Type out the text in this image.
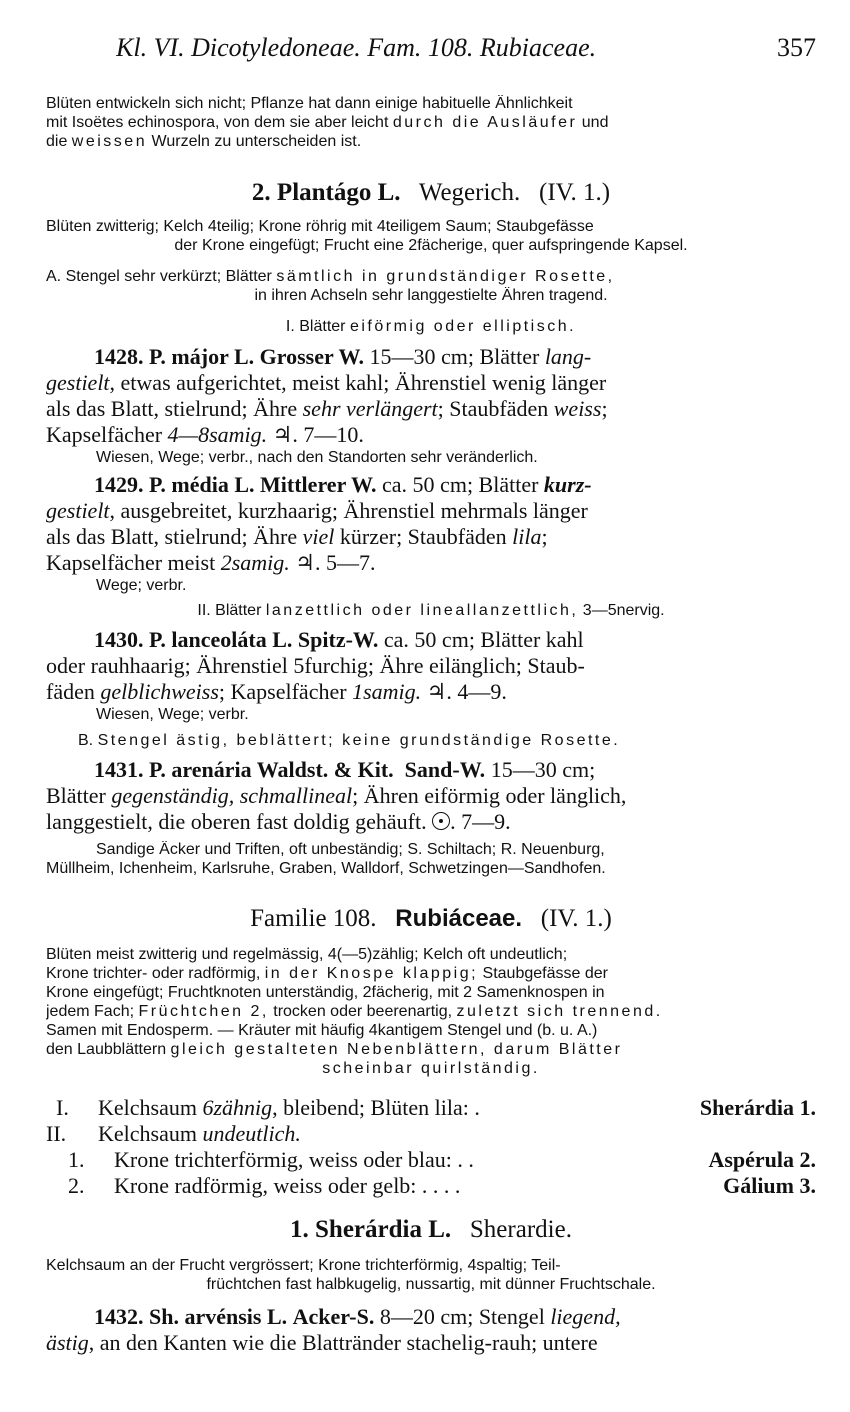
Kl. VI. Dicotyledoneae. Fam. 108. Rubiaceae.	357
Blüten entwickeln sich nicht; Pflanze hat dann einige habituelle Ähnlichkeit
mit Isoëtes echinospora, von dem sie aber leicht durch die Ausläufer und
die weissen Wurzeln zu unterscheiden ist.
2. Plantágo L. Wegerich. (IV. 1.)
Blüten zwitterig; Kelch 4teilig; Krone röhrig mit 4teiligem Saum; Staubgefässe
der Krone eingefügt; Frucht eine 2fächerige, quer aufspringende Kapsel.
A. Stengel sehr verkürzt; Blätter sämtlich in grundständiger Rosette,
in ihren Achseln sehr langgestielte Ähren tragend.
I. Blätter eiförmig oder elliptisch.
1428. P. májor L. Grosser W. 15—30 cm; Blätter lang-
gestielt, etwas aufgerichtet, meist kahl; Ährenstiel wenig länger
als das Blatt, stielrund; Ähre sehr verlängert; Staubfäden weiss;
Kapselfächer 4—8samig. ♃. 7—10.
Wiesen, Wege; verbr., nach den Standorten sehr veränderlich.
1429. P. média L. Mittlerer W. ca. 50 cm; Blätter kurz-
gestielt, ausgebreitet, kurzhaarig; Ährenstiel mehrmals länger
als das Blatt, stielrund; Ähre viel kürzer; Staubfäden lila;
Kapselfächer meist 2samig. ♃. 5—7.
Wege; verbr.
II. Blätter lanzettlich oder lineallanzettlich, 3—5nervig.
1430. P. lanceoláta L. Spitz-W. ca. 50 cm; Blätter kahl
oder rauhhaarig; Ährenstiel 5furchig; Ähre eilänglich; Staub-
fäden gelblichweiss; Kapselfächer 1samig. ♃. 4—9.
Wiesen, Wege; verbr.
B. Stengel ästig, beblättert; keine grundständige Rosette.
1431. P. arenária Waldst. & Kit. Sand-W. 15—30 cm;
Blätter gegenständig, schmallineal; Ähren eiförmig oder länglich,
langgestielt, die oberen fast doldig gehäuft. . 7—9.
Sandige Äcker und Triften, oft unbeständig; S. Schiltach; R. Neuenburg,
Müllheim, Ichenheim, Karlsruhe, Graben, Walldorf, Schwetzingen—Sandhofen.
Familie 108. Rubiáceae. (IV. 1.)
Blüten meist zwitterig und regelmässig, 4(—5)zählig; Kelch oft undeutlich;
Krone trichter- oder radförmig, in der Knospe klappig; Staubgefässe der
Krone eingefügt; Fruchtknoten unterständig, 2fächerig, mit 2 Samenknospen in
jedem Fach; Früchtchen 2, trocken oder beerenartig, zuletzt sich trennend.
Samen mit Endosperm. — Kräuter mit häufig 4kantigem Stengel und (b. u. A.)
den Laubblättern gleich gestalteten Nebenblättern, darum Blätter
scheinbar quirlständig.
I. Kelchsaum 6zähnig, bleibend; Blüten lila: .	Sherárdia 1.
II. Kelchsaum undeutlich.
1. Krone trichterförmig, weiss oder blau: . .	Aspérula 2.
2. Krone radförmig, weiss oder gelb: . . . .	Gálium 3.
1. Sherárdia L. Sherardie.
Kelchsaum an der Frucht vergrössert; Krone trichterförmig, 4spaltig; Teil-
früchtchen fast halbkugelig, nussartig, mit dünner Fruchtschale.
1432. Sh. arvénsis L. Acker-S. 8—20 cm; Stengel liegend,
ästig, an den Kanten wie die Blattränder stachelig-rauh; untere
